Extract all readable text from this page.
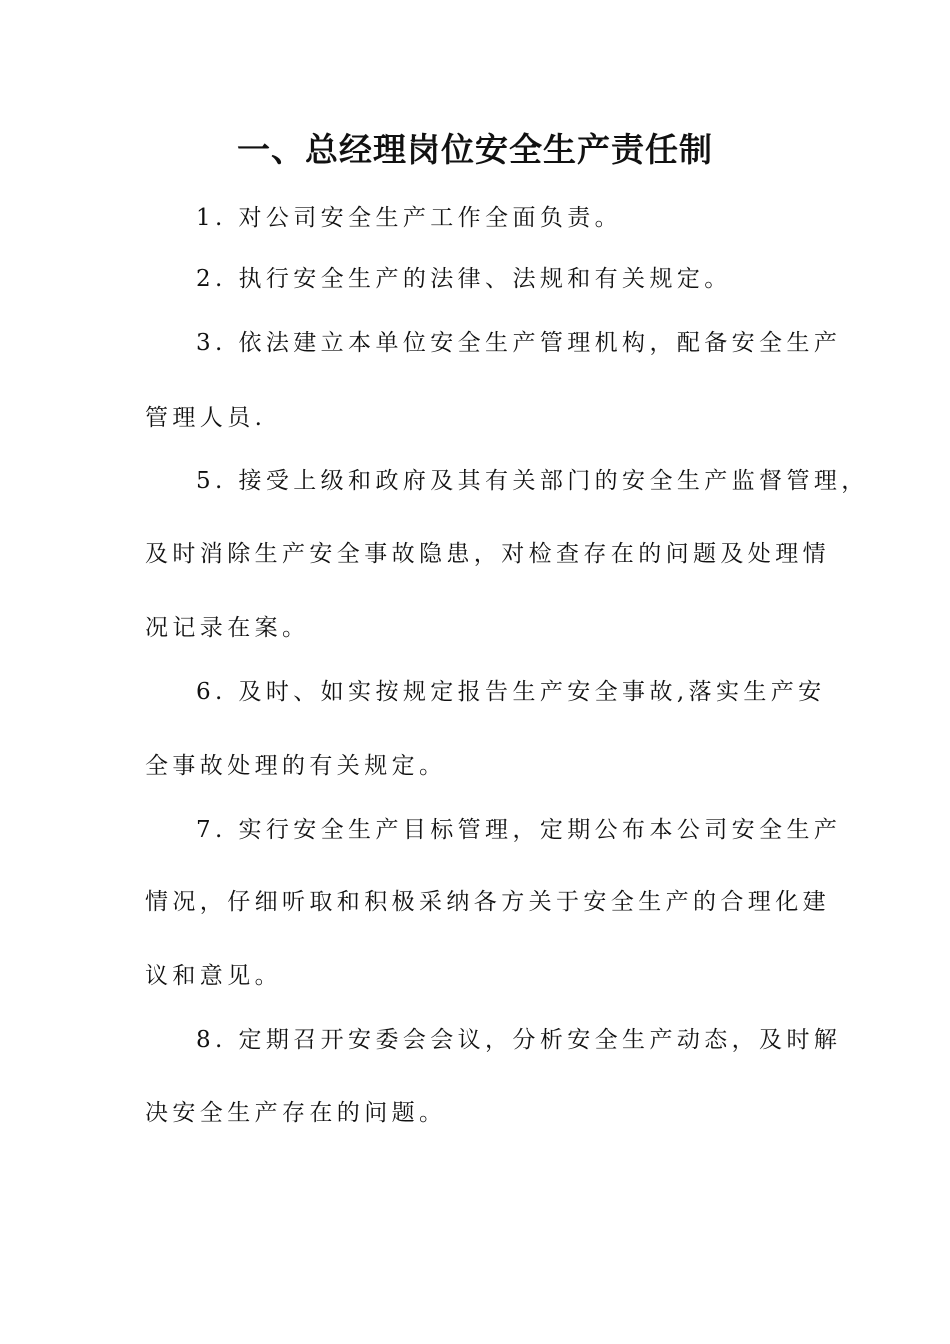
一、总经理岗位安全生产责任制

1. 对公司安全生产工作全面负责。

2. 执行安全生产的法律、法规和有关规定。

3. 依法建立本单位安全生产管理机构，配备安全生产

管理人员.

5. 接受上级和政府及其有关部门的安全生产监督管理，

及时消除生产安全事故隐患，对检查存在的问题及处理情

况记录在案。

6. 及时、如实按规定报告生产安全事故,落实生产安

全事故处理的有关规定。

7. 实行安全生产目标管理，定期公布本公司安全生产

情况，仔细听取和积极采纳各方关于安全生产的合理化建

议和意见。

8. 定期召开安委会会议，分析安全生产动态，及时解

决安全生产存在的问题。
